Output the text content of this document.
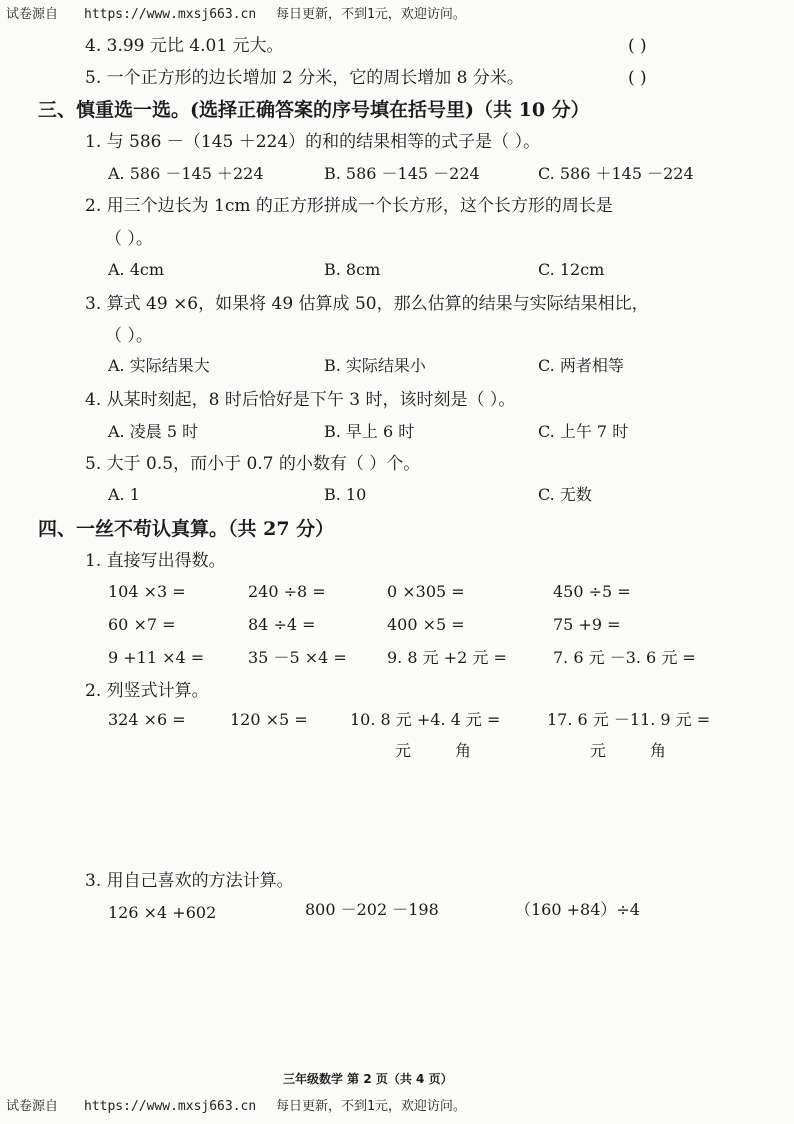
试卷源自 https://www.mxsj663.cn 每日更新，不到1元，欢迎访问。
4. 3.99 元比 4.01 元大。	( )
5. 一个正方形的边长增加 2 分米，它的周长增加 8 分米。	( )
三、慎重选一选。(选择正确答案的序号填在括号里)（共 10 分）
1. 与 586 －（145 ＋224）的和的结果相等的式子是（ ）。
A. 586 －145 ＋224	B. 586 －145 －224	C. 586 ＋145 －224
2. 用三个边长为 1cm 的正方形拼成一个长方形，这个长方形的周长是
（ ）。
A. 4cm	B. 8cm	C. 12cm
3. 算式 49 ×6，如果将 49 估算成 50，那么估算的结果与实际结果相比，
（ ）。
A. 实际结果大	B. 实际结果小	C. 两者相等
4. 从某时刻起，8 时后恰好是下午 3 时，该时刻是（ ）。
A. 凌晨 5 时	B. 早上 6 时	C. 上午 7 时
5. 大于 0.5，而小于 0.7 的小数有（ ）个。
A. 1	B. 10	C. 无数
四、一丝不苟认真算。（共 27 分）
1. 直接写出得数。
104 ×3 =	240 ÷8 =	0 ×305 =	450 ÷5 =
60 ×7 =	84 ÷4 =	400 ×5 =	75 +9 =
9 +11 ×4 =	35 －5 ×4 =	9. 8 元 +2 元 =	7. 6 元 －3. 6 元 =
2. 列竖式计算。
324 ×6 =	120 ×5 =	10. 8 元 +4. 4 元 =	17. 6 元 －11. 9 元 =
元	角	元	角
3. 用自己喜欢的方法计算。
126 ×4 +602	800 －202 －198	（160 +84）÷4
三年级数学 第 2 页（共 4 页）
试卷源自 https://www.mxsj663.cn 每日更新，不到1元，欢迎访问。
